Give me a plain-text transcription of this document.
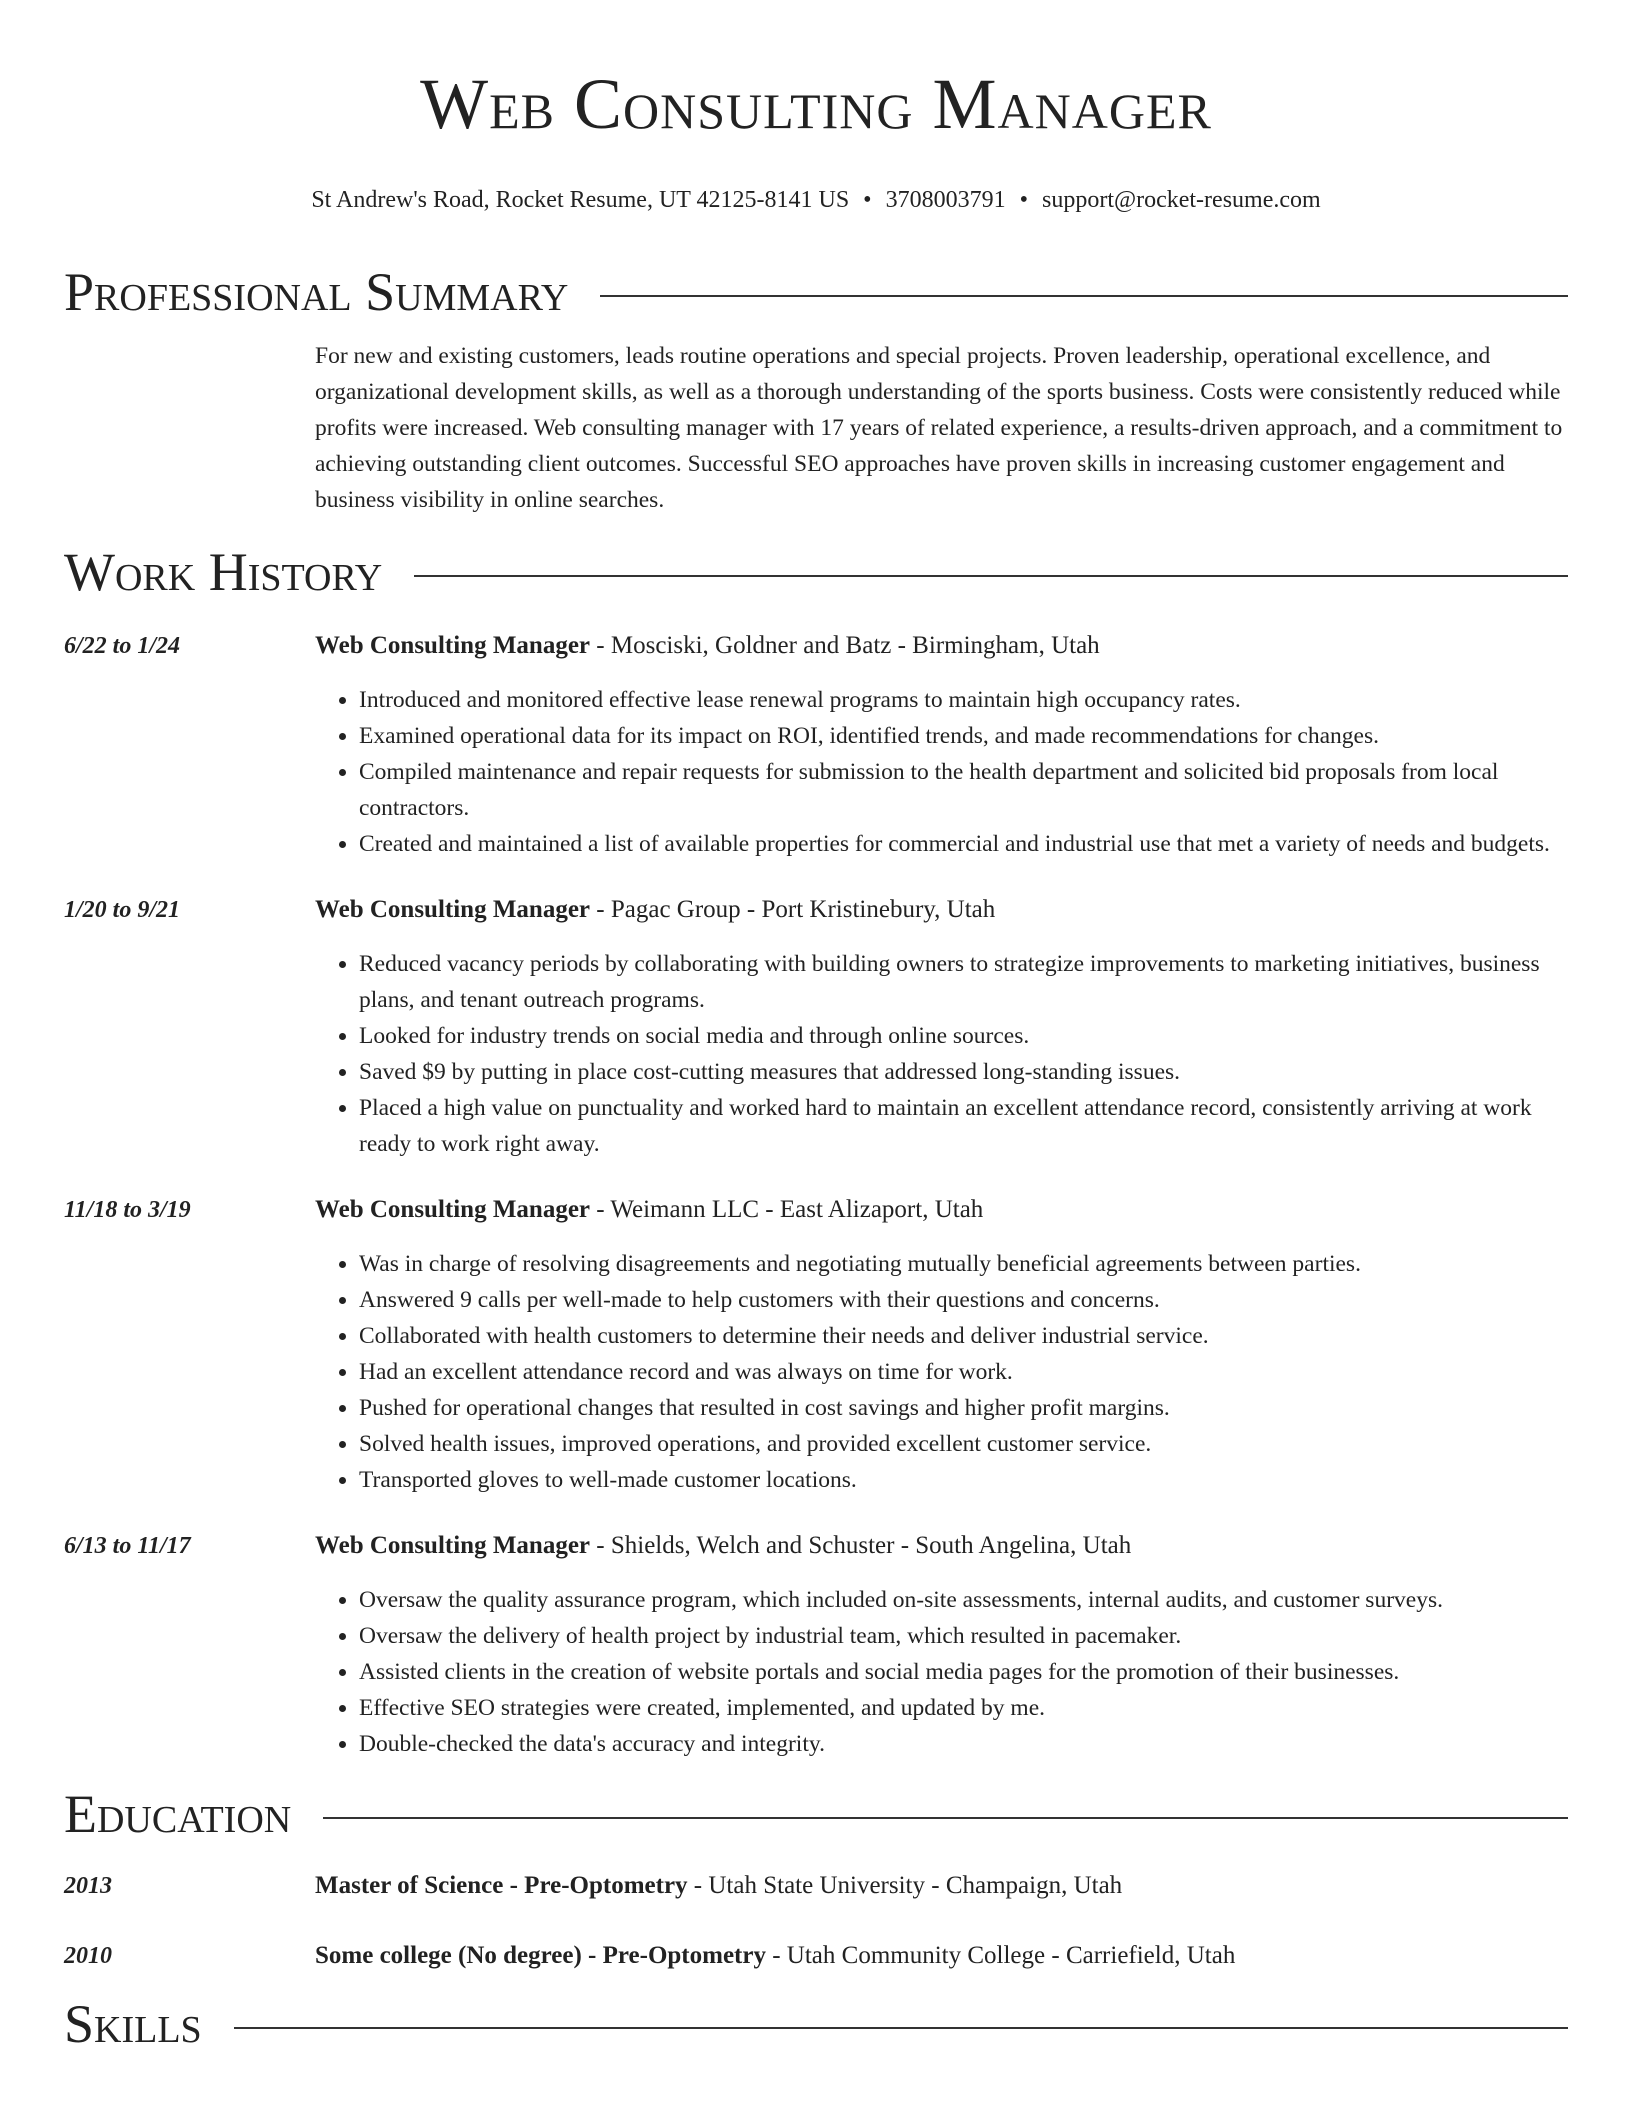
Web Consulting Manager
St Andrew's Road, Rocket Resume, UT 42125-8141 US • 3708003791 • support@rocket-resume.com
Professional Summary
For new and existing customers, leads routine operations and special projects. Proven leadership, operational excellence, and organizational development skills, as well as a thorough understanding of the sports business. Costs were consistently reduced while profits were increased. Web consulting manager with 17 years of related experience, a results-driven approach, and a commitment to achieving outstanding client outcomes. Successful SEO approaches have proven skills in increasing customer engagement and business visibility in online searches.
Work History
6/22 to 1/24	Web Consulting Manager - Mosciski, Goldner and Batz - Birmingham, Utah
• Introduced and monitored effective lease renewal programs to maintain high occupancy rates.
• Examined operational data for its impact on ROI, identified trends, and made recommendations for changes.
• Compiled maintenance and repair requests for submission to the health department and solicited bid proposals from local contractors.
• Created and maintained a list of available properties for commercial and industrial use that met a variety of needs and budgets.
1/20 to 9/21	Web Consulting Manager - Pagac Group - Port Kristinebury, Utah
• Reduced vacancy periods by collaborating with building owners to strategize improvements to marketing initiatives, business plans, and tenant outreach programs.
• Looked for industry trends on social media and through online sources.
• Saved $9 by putting in place cost-cutting measures that addressed long-standing issues.
• Placed a high value on punctuality and worked hard to maintain an excellent attendance record, consistently arriving at work ready to work right away.
11/18 to 3/19	Web Consulting Manager - Weimann LLC - East Alizaport, Utah
• Was in charge of resolving disagreements and negotiating mutually beneficial agreements between parties.
• Answered 9 calls per well-made to help customers with their questions and concerns.
• Collaborated with health customers to determine their needs and deliver industrial service.
• Had an excellent attendance record and was always on time for work.
• Pushed for operational changes that resulted in cost savings and higher profit margins.
• Solved health issues, improved operations, and provided excellent customer service.
• Transported gloves to well-made customer locations.
6/13 to 11/17	Web Consulting Manager - Shields, Welch and Schuster - South Angelina, Utah
• Oversaw the quality assurance program, which included on-site assessments, internal audits, and customer surveys.
• Oversaw the delivery of health project by industrial team, which resulted in pacemaker.
• Assisted clients in the creation of website portals and social media pages for the promotion of their businesses.
• Effective SEO strategies were created, implemented, and updated by me.
• Double-checked the data's accuracy and integrity.
Education
2013	Master of Science - Pre-Optometry - Utah State University - Champaign, Utah
2010	Some college (No degree) - Pre-Optometry - Utah Community College - Carriefield, Utah
Skills
